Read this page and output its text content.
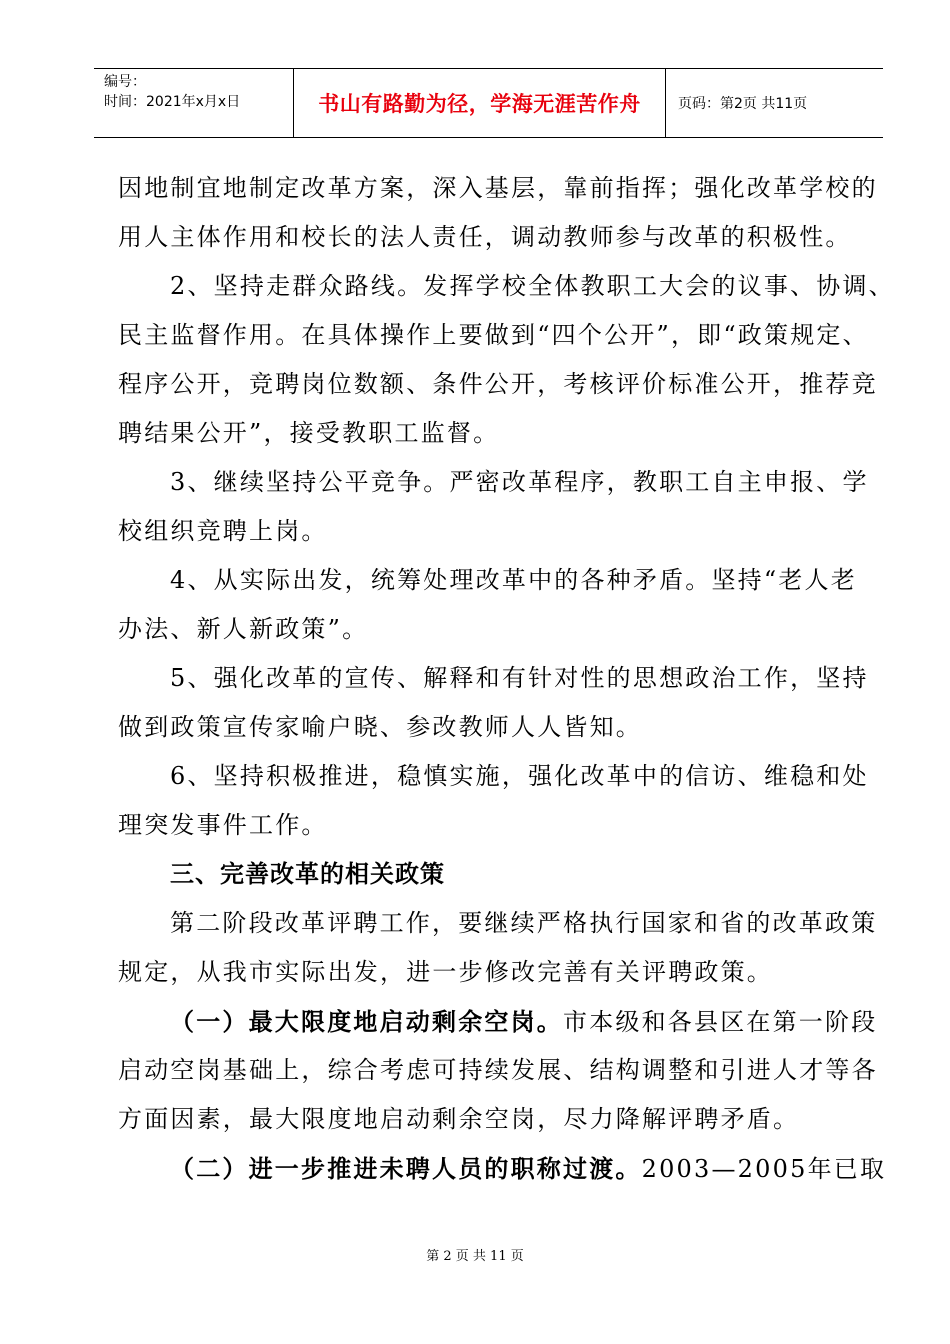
编号：
时间：2021年x月x日	书山有路勤为径，学海无涯苦作舟	页码：第2页 共11页
因地制宜地制定改革方案，深入基层，靠前指挥；强化改革学校的
用人主体作用和校长的法人责任，调动教师参与改革的积极性。
2、坚持走群众路线。发挥学校全体教职工大会的议事、协调、
民主监督作用。在具体操作上要做到“四个公开”，即“政策规定、
程序公开，竞聘岗位数额、条件公开，考核评价标准公开，推荐竞
聘结果公开”，接受教职工监督。
3、继续坚持公平竞争。严密改革程序，教职工自主申报、学
校组织竞聘上岗。
4、从实际出发，统筹处理改革中的各种矛盾。坚持“老人老
办法、新人新政策”。
5、强化改革的宣传、解释和有针对性的思想政治工作，坚持
做到政策宣传家喻户晓、参改教师人人皆知。
6、坚持积极推进，稳慎实施，强化改革中的信访、维稳和处
理突发事件工作。
三、完善改革的相关政策
第二阶段改革评聘工作，要继续严格执行国家和省的改革政策
规定，从我市实际出发，进一步修改完善有关评聘政策。
（一）最大限度地启动剩余空岗。市本级和各县区在第一阶段
启动空岗基础上，综合考虑可持续发展、结构调整和引进人才等各
方面因素，最大限度地启动剩余空岗，尽力降解评聘矛盾。
（二）进一步推进未聘人员的职称过渡。2003—2005年已取
第 2 页 共 11 页
